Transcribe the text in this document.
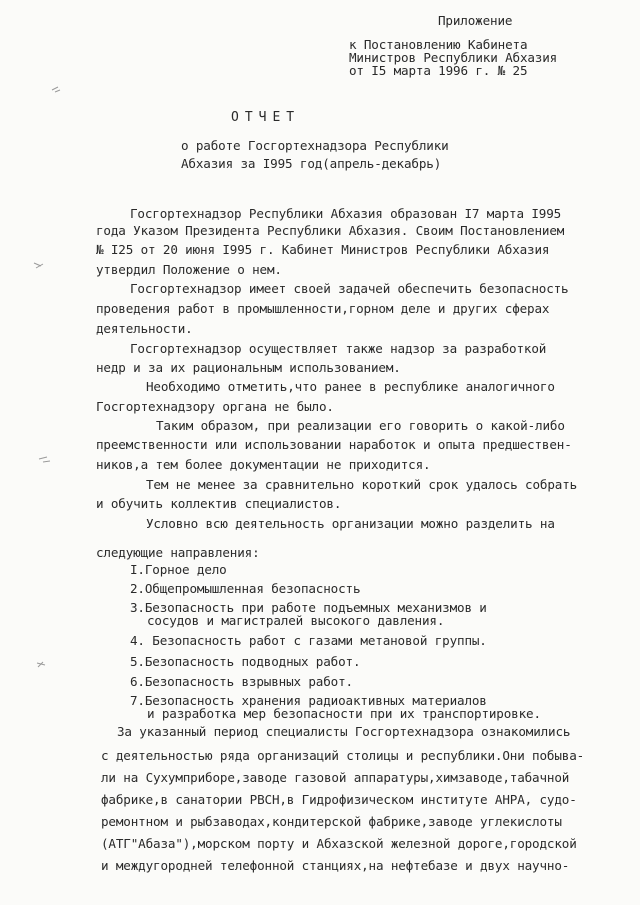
Приложение
к Постановлению Кабинета
Министров Республики Абхазия
от I5 марта 1996 г. № 25
ОТЧЕТ
о работе Госгортехнадзора Республики
Абхазия за I995 год(апрель-декабрь)
Госгортехнадзор Республики Абхазия образован I7 марта I995
года Указом Президента Республики Абхазия. Своим Постановлением
№ I25 от 20 июня I995 г. Кабинет Министров Республики Абхазия
утвердил Положение о нем.
Госгортехнадзор имеет своей задачей обеспечить безопасность
проведения работ в промышленности,горном деле и других сферах
деятельности.
Госгортехнадзор осуществляет также надзор за разработкой
недр и за их рациональным использованием.
Необходимо отметить,что ранее в республике аналогичного
Госгортехнадзору органа не было.
Таким образом, при реализации его говорить о какой-либо
преемственности или использовании наработок и опыта предшествен-
ников,а тем более документации не приходится.
Тем не менее за сравнительно короткий срок удалось собрать
и обучить коллектив специалистов.
Условно всю деятельность организации можно разделить на
следующие направления:
I.Горное дело
2.Общепромышленная безопасность
3.Безопасность при работе подъемных механизмов и
сосудов и магистралей высокого давления.
4. Безопасность работ с газами метановой группы.
5.Безопасность подводных работ.
6.Безопасность взрывных работ.
7.Безопасность хранения радиоактивных материалов
и разработка мер безопасности при их транспортировке.
За указанный период специалисты Госгортехнадзора ознакомились
с деятельностью ряда организаций столицы и республики.Они побыва-
ли на Сухумприборе,заводе газовой аппаратуры,химзаводе,табачной
фабрике,в санатории РВСН,в Гидрофизическом институте АНРА, судо-
ремонтном и рыбзаводах,кондитерской фабрике,заводе углекислоты
(АТГ"Абаза"),морском порту и Абхазской железной дороге,городской
и междугородней телефонной станциях,на нефтебазе и двух научно-
